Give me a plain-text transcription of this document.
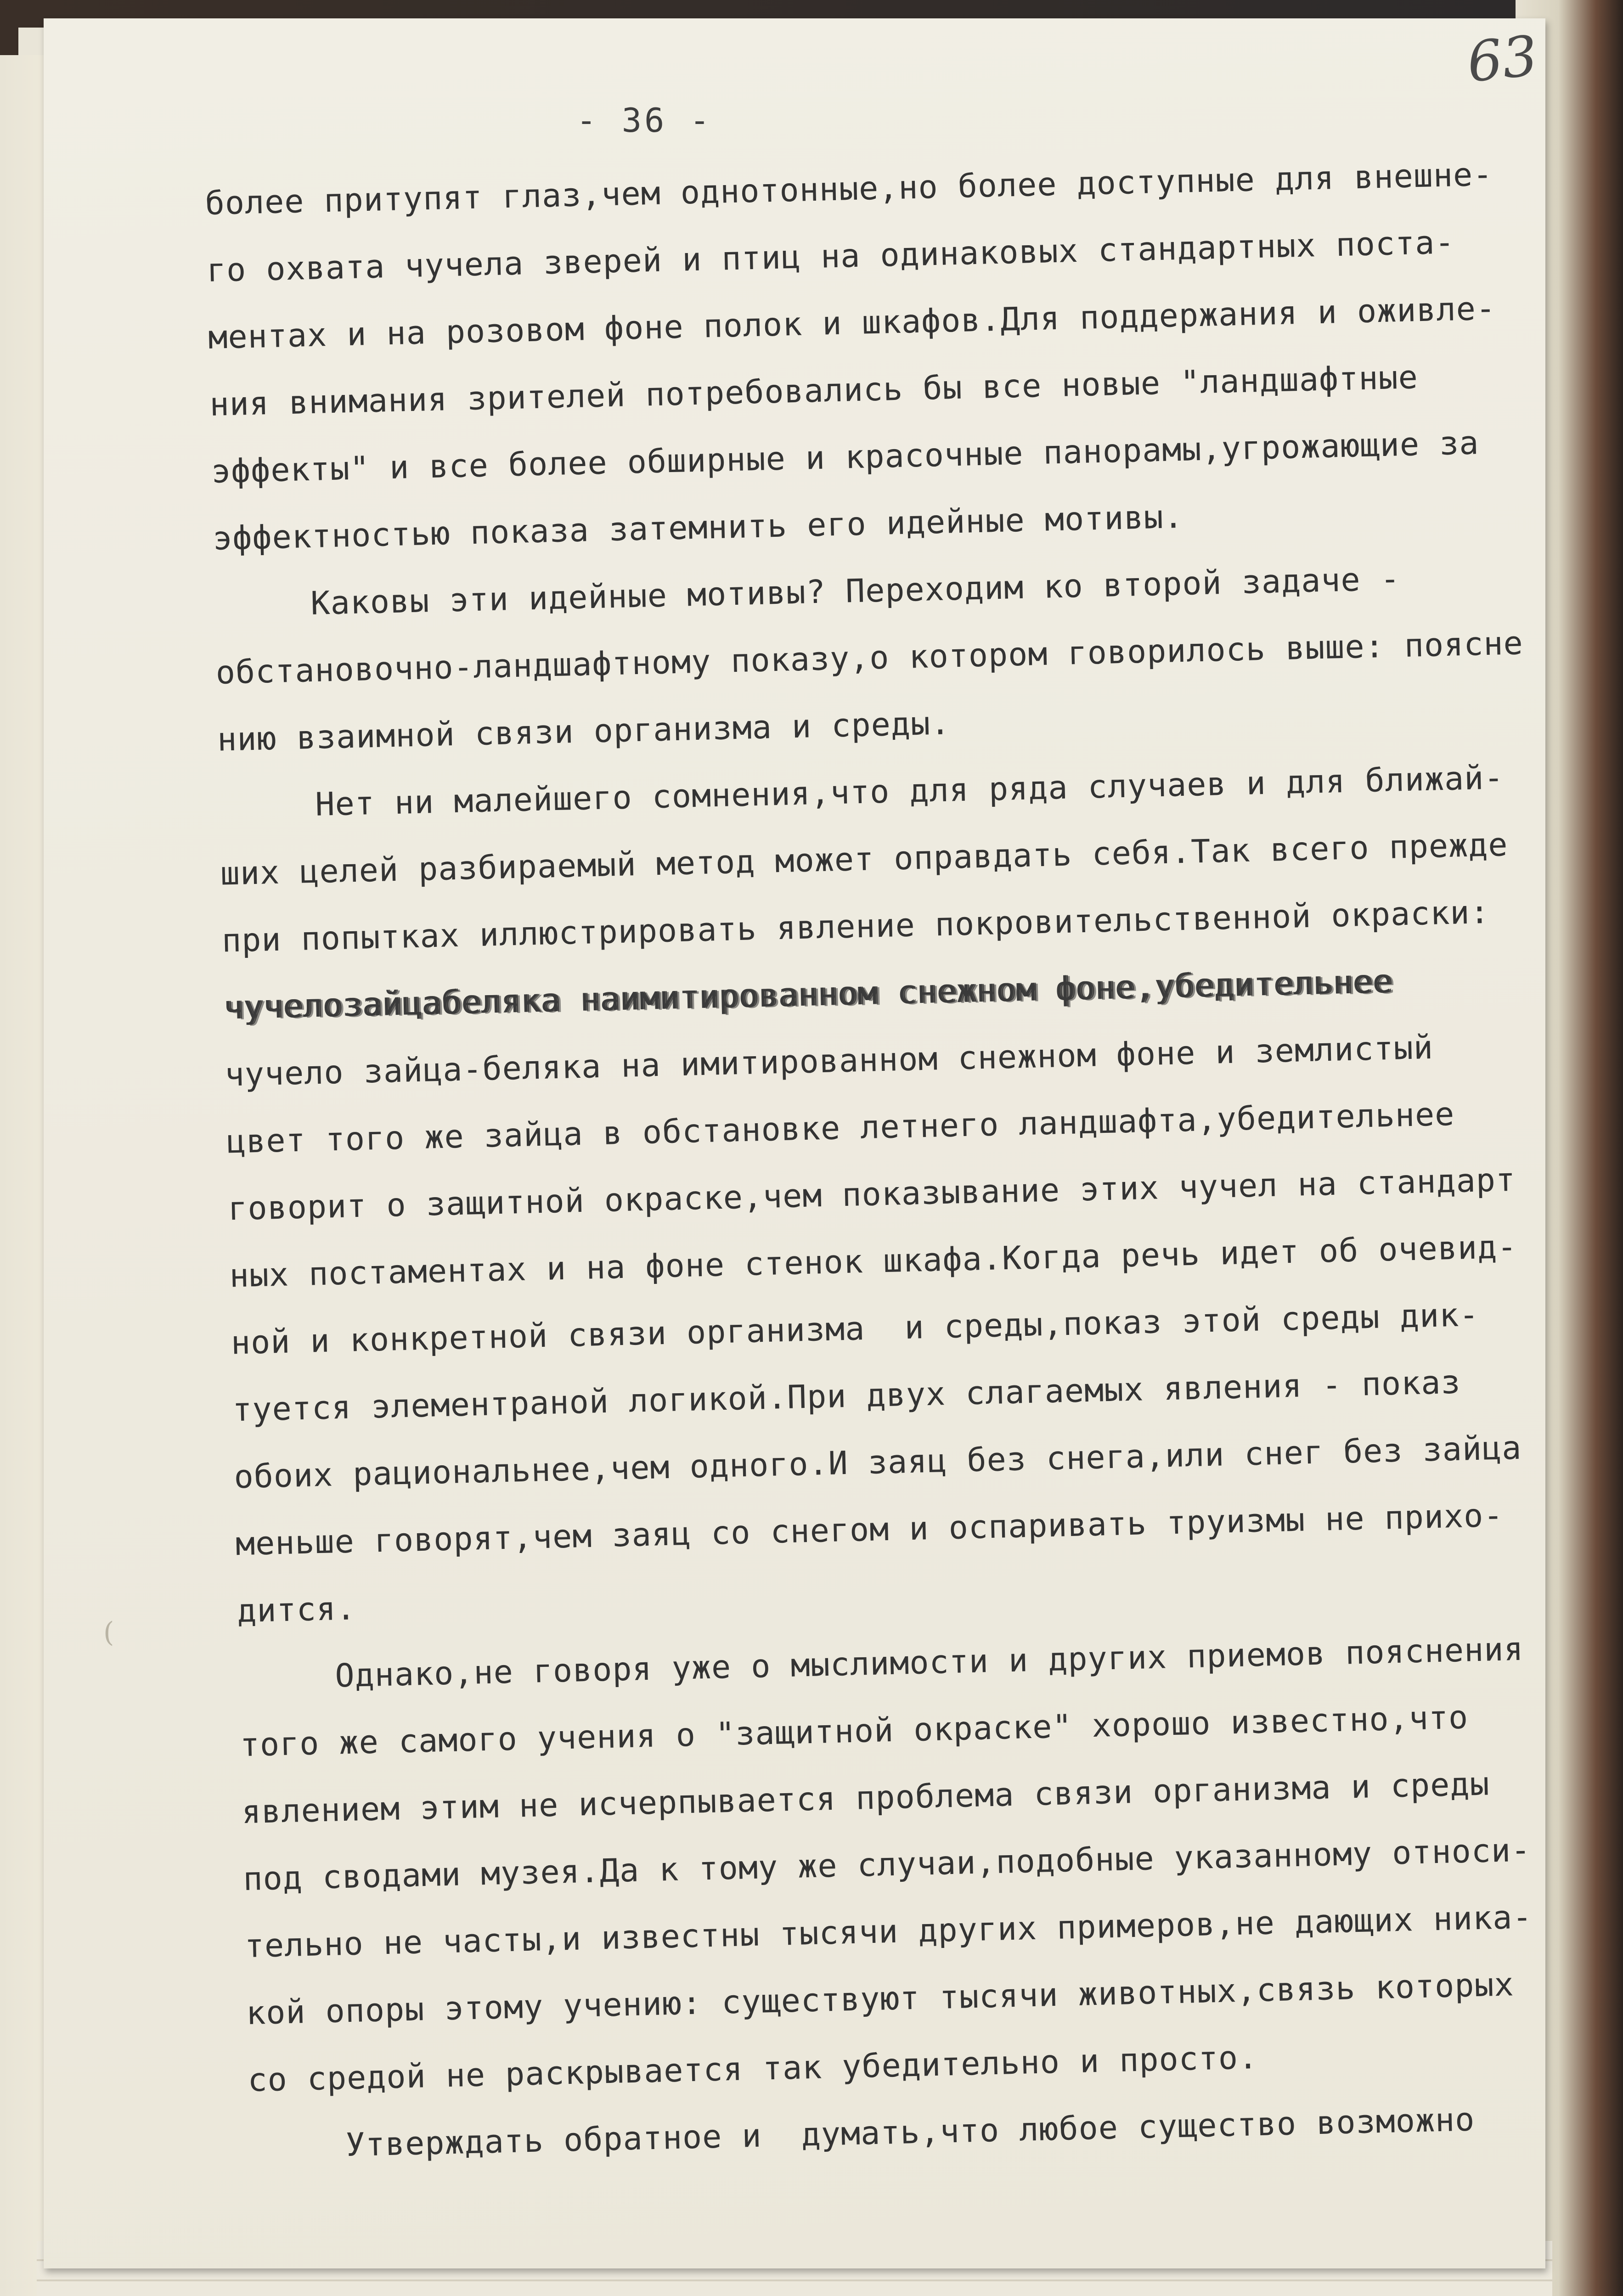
- 36 -
63
(
более притупят глаз,чем однотонные,но более доступные для внешне-
го охвата чучела зверей и птиц на одинаковых стандартных поста-
ментах и на розовом фоне полок и шкафов.Для поддержания и оживле-
ния внимания зрителей потребовались бы все новые "ландшафтные
эффекты" и все более обширные и красочные панорамы,угрожающие за
эффектностью показа затемнить его идейные мотивы.
Каковы эти идейные мотивы? Переходим ко второй задаче -
обстановочно-ландшафтному показу,о котором говорилось выше: поясне
нию взаимной связи организма и среды.
Нет ни малейшего сомнения,что для ряда случаев и для ближай-
ших целей разбираемый метод может оправдать себя.Так всего прежде
при попытках иллюстрировать явление покровительственной окраски:
чучелозайцабеляка наимитированном снежном фоне,убедительнее
чучело зайца-беляка на имитированном снежном фоне и землистый
цвет того же зайца в обстановке летнего ландшафта,убедительнее
говорит о защитной окраске,чем показывание этих чучел на стандарт
ных постаментах и на фоне стенок шкафа.Когда речь идет об очевид-
ной и конкретной связи организма  и среды,показ этой среды дик-
туется элементраной логикой.При двух слагаемых явления - показ
обоих рациональнее,чем одного.И заяц без снега,или снег без зайца
меньше говорят,чем заяц со снегом и оспаривать труизмы не прихо-
дится.
Однако,не говоря уже о мыслимости и других приемов пояснения
того же самого учения о "защитной окраске" хорошо известно,что
явлением этим не исчерпывается проблема связи организма и среды
под сводами музея.Да к тому же случаи,подобные указанному относи-
тельно не часты,и известны тысячи других примеров,не дающих ника-
кой опоры этому учению: существуют тысячи животных,связь которых
со средой не раскрывается так убедительно и просто.
Утверждать обратное и  думать,что любое существо возможно
